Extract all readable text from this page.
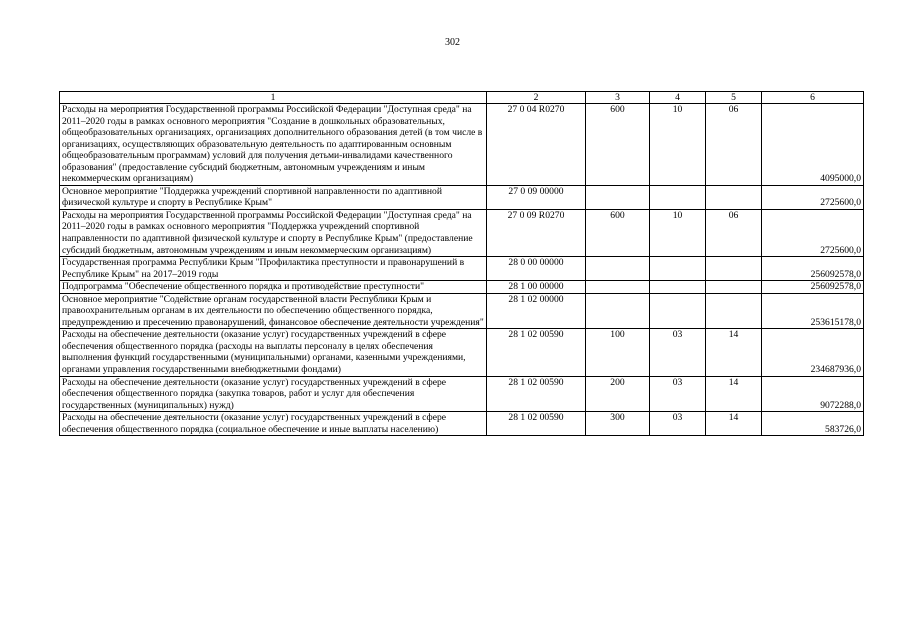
302
1	2	3	4	5	6
Расходы на мероприятия Государственной программы Российской Федерации "Доступная среда" на 2011–2020 годы в рамках основного мероприятия "Создание в дошкольных образовательных, общеобразовательных организациях, организациях дополнительного образования детей (в том числе в организациях, осуществляющих образовательную деятельность по адаптированным основным общеобразовательным программам) условий для получения детьми-инвалидами качественного образования" (предоставление субсидий бюджетным, автономным учреждениям и иным некоммерческим организациям)	27 0 04 R0270	600	10	06	4095000,0
Основное мероприятие "Поддержка учреждений спортивной направленности по адаптивной физической культуре и спорту в Республике Крым"	27 0 09 00000				2725600,0
Расходы на мероприятия Государственной программы Российской Федерации "Доступная среда" на 2011–2020 годы в рамках основного мероприятия "Поддержка учреждений спортивной направленности по адаптивной физической культуре и спорту в Республике Крым" (предоставление субсидий бюджетным, автономным учреждениям и иным некоммерческим организациям)	27 0 09 R0270	600	10	06	2725600,0
Государственная программа Республики Крым "Профилактика преступности и правонарушений в Республике Крым" на 2017–2019 годы	28 0 00 00000				256092578,0
Подпрограмма "Обеспечение общественного порядка и противодействие преступности"	28 1 00 00000				256092578,0
Основное мероприятие "Содействие органам государственной власти Республики Крым и правоохранительным органам в их деятельности по обеспечению общественного порядка, предупреждению и пресечению правонарушений, финансовое обеспечение деятельности учреждения"	28 1 02 00000				253615178,0
Расходы на обеспечение деятельности (оказание услуг) государственных учреждений в сфере обеспечения общественного порядка (расходы на выплаты персоналу в целях обеспечения выполнения функций государственными (муниципальными) органами, казенными учреждениями, органами управления государственными внебюджетными фондами)	28 1 02 00590	100	03	14	234687936,0
Расходы на обеспечение деятельности (оказание услуг) государственных учреждений в сфере обеспечения общественного порядка (закупка товаров, работ и услуг для обеспечения государственных (муниципальных) нужд)	28 1 02 00590	200	03	14	9072288,0
Расходы на обеспечение деятельности (оказание услуг) государственных учреждений в сфере обеспечения общественного порядка (социальное обеспечение и иные выплаты населению)	28 1 02 00590	300	03	14	583726,0
